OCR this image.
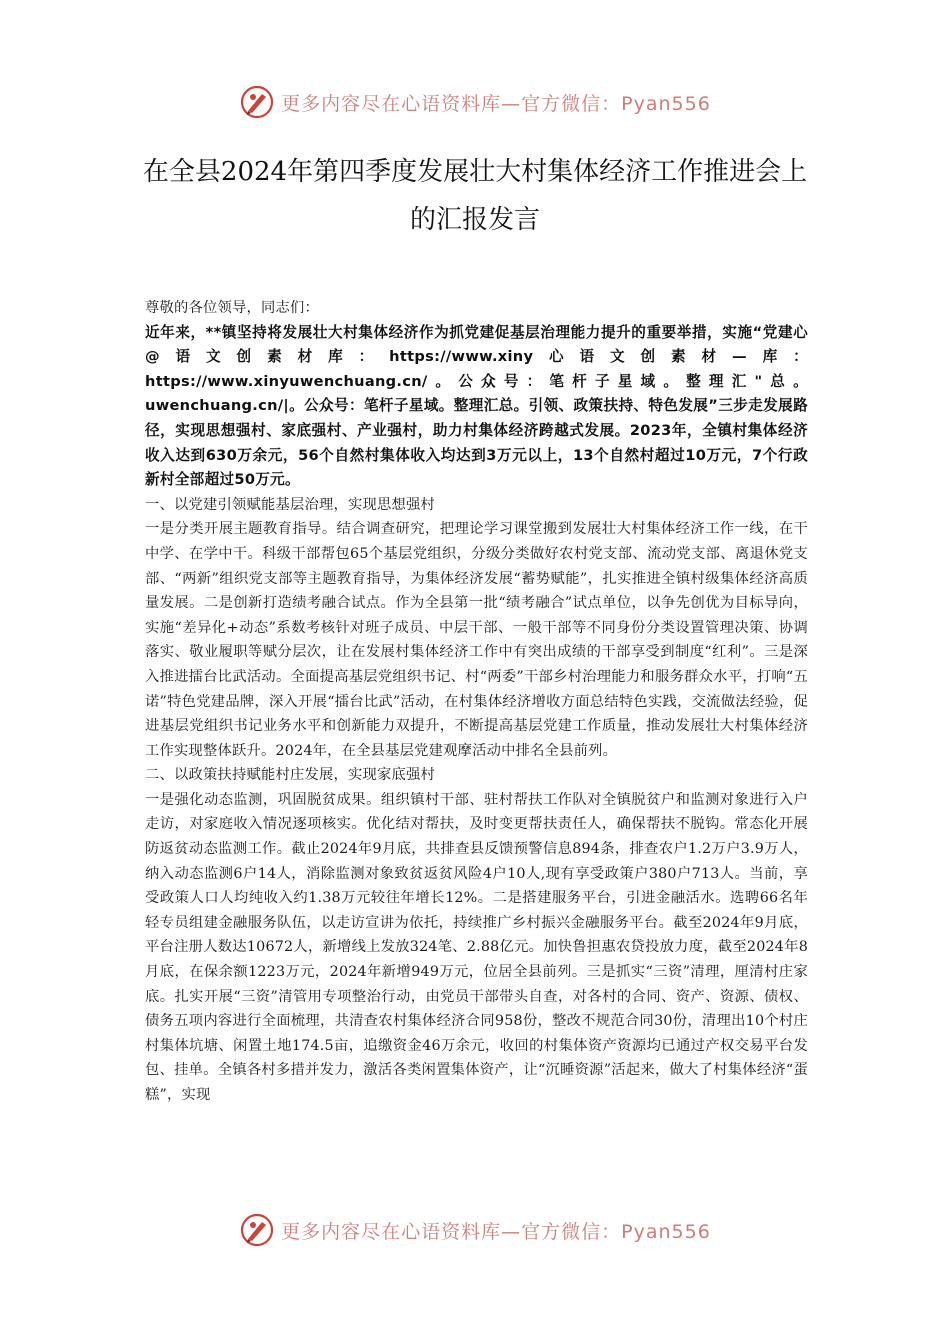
更多内容尽在心语资料库—官方微信：Pyan556
在全县2024年第四季度发展壮大村集体经济工作推进会上的汇报发言

尊敬的各位领导，同志们：

近年来，**镇坚持将发展壮大村集体经济作为抓党建促基层治理能力提升的重要举措，实施“党建心@语文创素材库：https://www.xiny心语文创素材—库：https://www.xinyuwenchuang.cn/。公众号：笔杆子星域。整理汇"总。uwenchuang.cn/|。公众号：笔杆子星域。整理汇总。引领、政策扶持、特色发展”三步走发展路径，实现思想强村、家底强村、产业强村，助力村集体经济跨越式发展。2023年，全镇村集体经济收入达到630万余元，56个自然村集体收入均达到3万元以上，13个自然村超过10万元，7个行政新村全部超过50万元。

一、以党建引领赋能基层治理，实现思想强村

一是分类开展主题教育指导。结合调查研究，把理论学习课堂搬到发展壮大村集体经济工作一线，在干中学、在学中干。科级干部帮包65个基层党组织，分级分类做好农村党支部、流动党支部、离退休党支部、“两新”组织党支部等主题教育指导，为集体经济发展“蓄势赋能”，扎实推进全镇村级集体经济高质量发展。二是创新打造绩考融合试点。作为全县第一批“绩考融合”试点单位，以争先创优为目标导向，实施“差异化+动态”系数考核针对班子成员、中层干部、一般干部等不同身份分类设置管理决策、协调落实、敬业履职等赋分层次，让在发展村集体经济工作中有突出成绩的干部享受到制度“红利”。三是深入推进擂台比武活动。全面提高基层党组织书记、村“两委”干部乡村治理能力和服务群众水平，打响“五诺”特色党建品牌，深入开展“擂台比武”活动，在村集体经济增收方面总结特色实践，交流做法经验，促进基层党组织书记业务水平和创新能力双提升，不断提高基层党建工作质量，推动发展壮大村集体经济工作实现整体跃升。2024年，在全县基层党建观摩活动中排名全县前列。

二、以政策扶持赋能村庄发展，实现家底强村

一是强化动态监测，巩固脱贫成果。组织镇村干部、驻村帮扶工作队对全镇脱贫户和监测对象进行入户走访，对家庭收入情况逐项核实。优化结对帮扶，及时变更帮扶责任人，确保帮扶不脱钩。常态化开展防返贫动态监测工作。截止2024年9月底，共排查县反馈预警信息894条，排查农户1.2万户3.9万人，纳入动态监测6户14人，消除监测对象致贫返贫风险4户10人,现有享受政策户380户713人。当前，享受政策人口人均纯收入约1.38万元较往年增长12%。二是搭建服务平台，引进金融活水。选聘66名年轻专员组建金融服务队伍，以走访宣讲为依托，持续推广乡村振兴金融服务平台。截至2024年9月底，平台注册人数达10672人，新增线上发放324笔、2.88亿元。加快鲁担惠农贷投放力度，截至2024年8月底，在保余额1223万元，2024年新增949万元，位居全县前列。三是抓实“三资”清理，厘清村庄家底。扎实开展“三资”清管用专项整治行动，由党员干部带头自查，对各村的合同、资产、资源、债权、债务五项内容进行全面梳理，共清查农村集体经济合同958份，整改不规范合同30份，清理出10个村庄村集体坑塘、闲置土地174.5亩，追缴资金46万余元，收回的村集体资产资源均已通过产权交易平台发包、挂单。全镇各村多措并发力，激活各类闲置集体资产，让“沉睡资源”活起来，做大了村集体经济“蛋糕”，实现

更多内容尽在心语资料库—官方微信：Pyan556
